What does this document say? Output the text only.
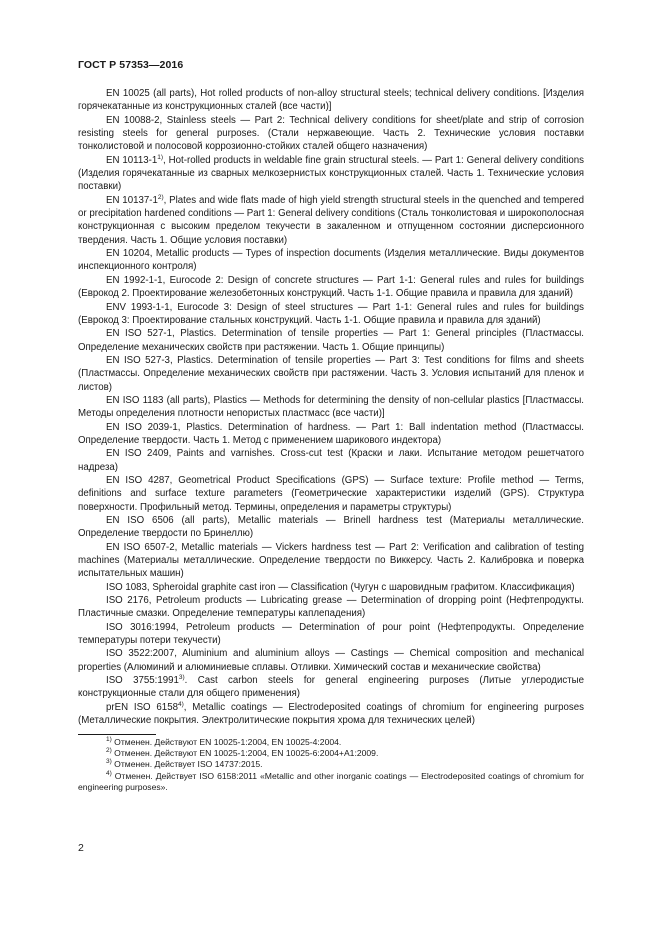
ГОСТ Р 57353—2016

EN 10025 (all parts), Hot rolled products of non-alloy structural steels; technical delivery conditions. [Изделия горячекатанные из конструкционных сталей (все части)]

EN 10088-2, Stainless steels — Part 2: Technical delivery conditions for sheet/plate and strip of corrosion resisting steels for general purposes. (Стали нержавеющие. Часть 2. Технические условия поставки тонколистовой и полосовой коррозионно-стойких сталей общего назначения)

EN 10113-1$^{1)}$, Hot-rolled products in weldable fine grain structural steels. — Part 1: General delivery conditions (Изделия горячекатанные из сварных мелкозернистых конструкционных сталей. Часть 1. Технические условия поставки)

EN 10137-1$^{2)}$, Plates and wide flats made of high yield strength structural steels in the quenched and tempered or precipitation hardened conditions — Part 1: General delivery conditions (Сталь тонколистовая и широкополосная конструкционная с высоким пределом текучести в закаленном и отпущенном состоянии дисперсионного твердения. Часть 1. Общие условия поставки)

EN 10204, Metallic products — Types of inspection documents (Изделия металлические. Виды документов инспекционного контроля)

EN 1992-1-1, Eurocode 2: Design of concrete structures — Part 1-1: General rules and rules for buildings (Еврокод 2. Проектирование железобетонных конструкций. Часть 1-1. Общие правила и правила для зданий)

ENV 1993-1-1, Eurocode 3: Design of steel structures — Part 1-1: General rules and rules for buildings (Еврокод 3: Проектирование стальных конструкций. Часть 1-1. Общие правила и правила для зданий)

EN ISO 527-1, Plastics. Determination of tensile properties — Part 1: General principles (Пластмассы. Определение механических свойств при растяжении. Часть 1. Общие принципы)

EN ISO 527-3, Plastics. Determination of tensile properties — Part 3: Test conditions for films and sheets (Пластмассы. Определение механических свойств при растяжении. Часть 3. Условия испытаний для пленок и листов)

EN ISO 1183 (all parts), Plastics — Methods for determining the density of non-cellular plastics [Пластмассы. Методы определения плотности непористых пластмасс (все части)]

EN ISO 2039-1, Plastics. Determination of hardness. — Part 1: Ball indentation method (Пластмассы. Определение твердости. Часть 1. Метод с применением шарикового индектора)

EN ISO 2409, Paints and varnishes. Cross-cut test (Краски и лаки. Испытание методом решетчатого надреза)

EN ISO 4287, Geometrical Product Specifications (GPS) — Surface texture: Profile method — Terms, definitions and surface texture parameters (Геометрические характеристики изделий (GPS). Структура поверхности. Профильный метод. Термины, определения и параметры структуры)

EN ISO 6506 (all parts), Metallic materials — Brinell hardness test (Материалы металлические. Определение твердости по Бринеллю)

EN ISO 6507-2, Metallic materials — Vickers hardness test — Part 2: Verification and calibration of testing machines (Материалы металлические. Определение твердости по Виккерсу. Часть 2. Калибровка и поверка испытательных машин)

ISO 1083, Spheroidal graphite cast iron — Classification (Чугун с шаровидным графитом. Классификация)

ISO 2176, Petroleum products — Lubricating grease — Determination of dropping point (Нефтепродукты. Пластичные смазки. Определение температуры каплепадения)

ISO 3016:1994, Petroleum products — Determination of pour point (Нефтепродукты. Определение температуры потери текучести)

ISO 3522:2007, Aluminium and aluminium alloys — Castings — Chemical composition and mechanical properties (Алюминий и алюминиевые сплавы. Отливки. Химический состав и механические свойства)

ISO 3755:1991$^{3)}$. Cast carbon steels for general engineering purposes (Литые углеродистые конструкционные стали для общего применения)

prEN ISO 6158$^{4)}$, Metallic coatings — Electrodeposited coatings of chromium for engineering purposes (Металлические покрытия. Электролитические покрытия хрома для технических целей)

$^{1)}$ Отменен. Действуют EN 10025-1:2004, EN 10025-4:2004.

$^{2)}$ Отменен. Действуют EN 10025-1:2004, EN 10025-6:2004+A1:2009.

$^{3)}$ Отменен. Действует ISO 14737:2015.

$^{4)}$ Отменен. Действует ISO 6158:2011 «Metallic and other inorganic coatings — Electrodeposited coatings of chromium for engineering purposes».

2
